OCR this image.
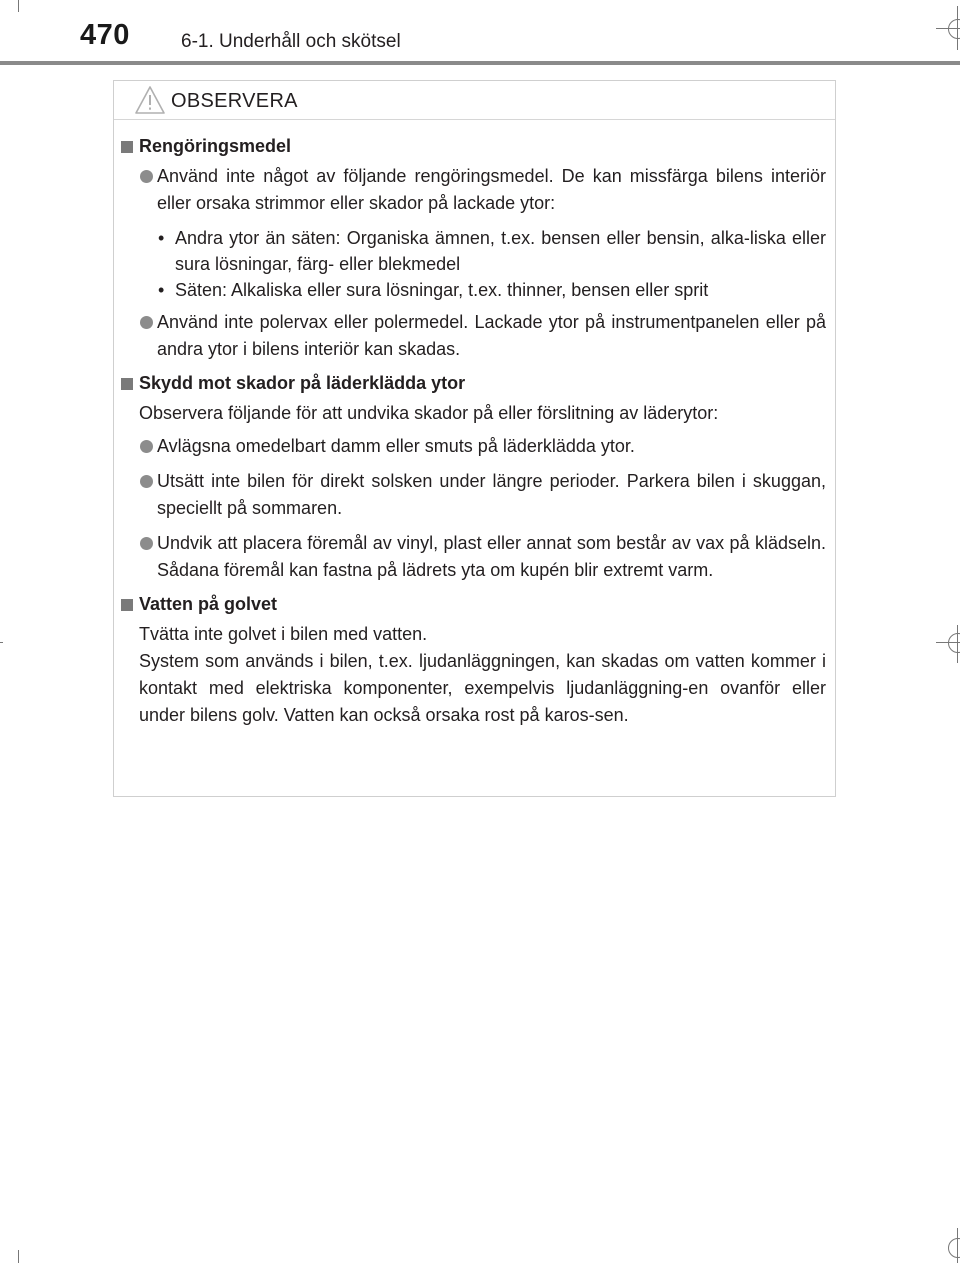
470	6-1. Underhåll och skötsel
OBSERVERA
Rengöringsmedel
Använd inte något av följande rengöringsmedel. De kan missfärga bilens interiör eller orsaka strimmor eller skador på lackade ytor:
• Andra ytor än säten: Organiska ämnen, t.ex. bensen eller bensin, alka-liska eller sura lösningar, färg- eller blekmedel
• Säten: Alkaliska eller sura lösningar, t.ex. thinner, bensen eller sprit
Använd inte polervax eller polermedel. Lackade ytor på instrumentpanelen eller på andra ytor i bilens interiör kan skadas.
Skydd mot skador på läderklädda ytor
Observera följande för att undvika skador på eller förslitning av läderytor:
Avlägsna omedelbart damm eller smuts på läderklädda ytor.
Utsätt inte bilen för direkt solsken under längre perioder. Parkera bilen i skuggan, speciellt på sommaren.
Undvik att placera föremål av vinyl, plast eller annat som består av vax på klädseln. Sådana föremål kan fastna på lädrets yta om kupén blir extremt varm.
Vatten på golvet
Tvätta inte golvet i bilen med vatten.
System som används i bilen, t.ex. ljudanläggningen, kan skadas om vatten kommer i kontakt med elektriska komponenter, exempelvis ljudanläggning-en ovanför eller under bilens golv. Vatten kan också orsaka rost på karos-sen.
